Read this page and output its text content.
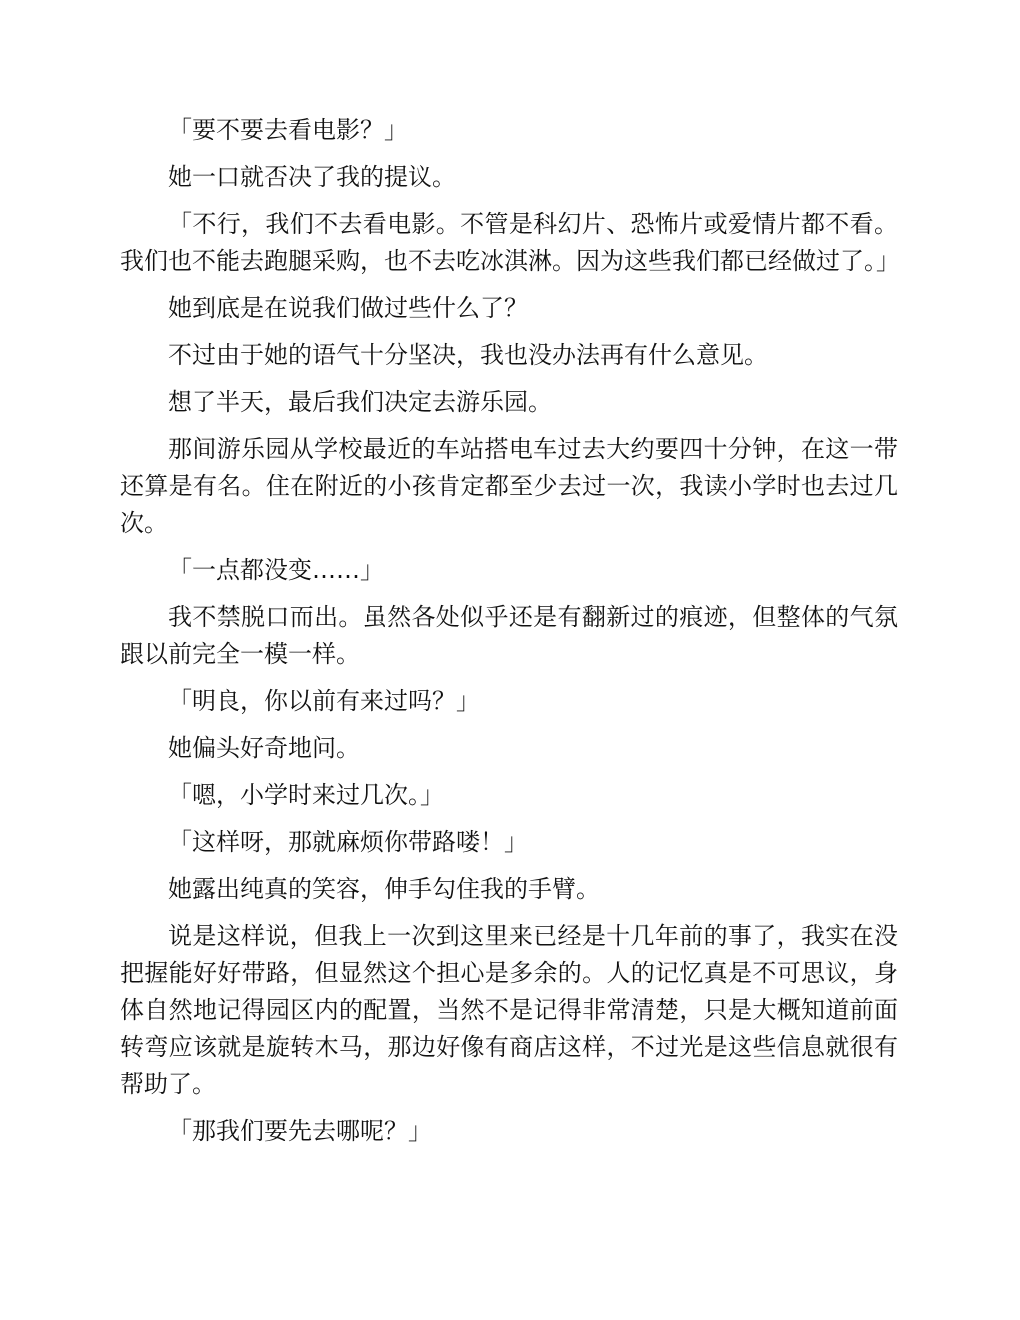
「要不要去看电影？」

她一口就否决了我的提议。

「不行，我们不去看电影。不管是科幻片、恐怖片或爱情片都不看。我们也不能去跑腿采购，也不去吃冰淇淋。因为这些我们都已经做过了。」

她到底是在说我们做过些什么了？

不过由于她的语气十分坚决，我也没办法再有什么意见。

想了半天，最后我们决定去游乐园。

那间游乐园从学校最近的车站搭电车过去大约要四十分钟，在这一带还算是有名。住在附近的小孩肯定都至少去过一次，我读小学时也去过几次。

「一点都没变……」

我不禁脱口而出。虽然各处似乎还是有翻新过的痕迹，但整体的气氛跟以前完全一模一样。

「明良，你以前有来过吗？」

她偏头好奇地问。

「嗯，小学时来过几次。」

「这样呀，那就麻烦你带路喽！」

她露出纯真的笑容，伸手勾住我的手臂。

说是这样说，但我上一次到这里来已经是十几年前的事了，我实在没把握能好好带路，但显然这个担心是多余的。人的记忆真是不可思议，身体自然地记得园区内的配置，当然不是记得非常清楚，只是大概知道前面转弯应该就是旋转木马，那边好像有商店这样，不过光是这些信息就很有帮助了。

「那我们要先去哪呢？」
